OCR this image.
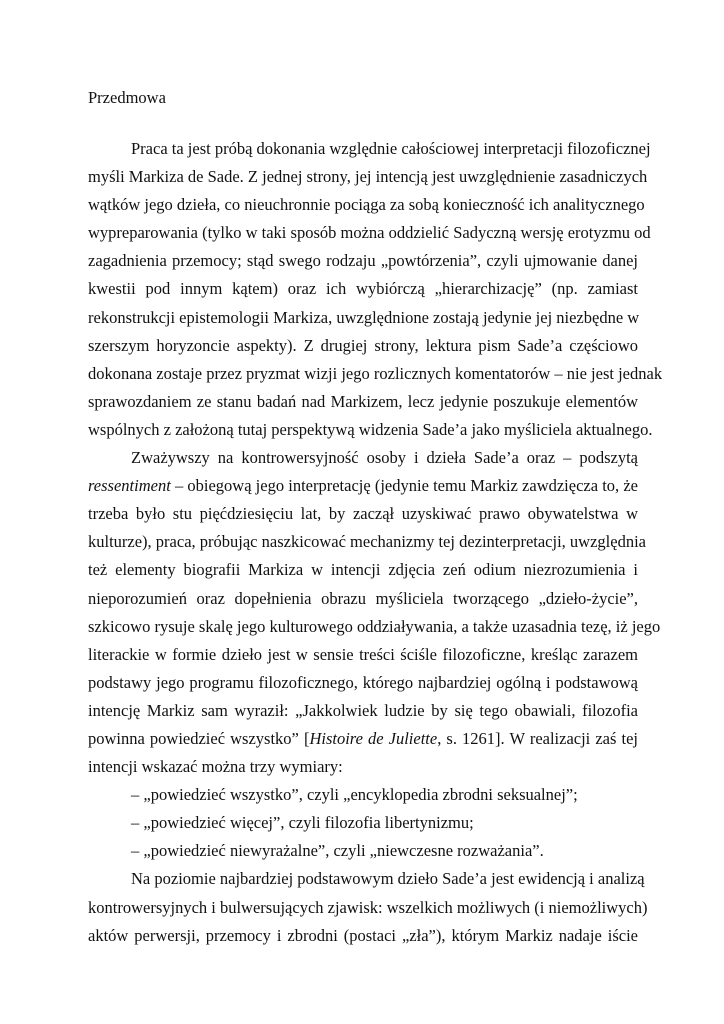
Przedmowa
Praca ta jest próbą dokonania względnie całościowej interpretacji filozoficznej
myśli Markiza de Sade. Z jednej strony, jej intencją jest uwzględnienie zasadniczych
wątków jego dzieła, co nieuchronnie pociąga za sobą konieczność ich analitycznego
wypreparowania (tylko w taki sposób można oddzielić Sadyczną wersję erotyzmu od
zagadnienia przemocy; stąd swego rodzaju „powtórzenia”, czyli ujmowanie danej
kwestii pod innym kątem) oraz ich wybiórczą „hierarchizację” (np. zamiast
rekonstrukcji epistemologii Markiza, uwzględnione zostają jedynie jej niezbędne w
szerszym horyzoncie aspekty). Z drugiej strony, lektura pism Sade’a częściowo
dokonana zostaje przez pryzmat wizji jego rozlicznych komentatorów – nie jest jednak
sprawozdaniem ze stanu badań nad Markizem, lecz jedynie poszukuje elementów
wspólnych z założoną tutaj perspektywą widzenia Sade’a jako myśliciela aktualnego.
Zważywszy na kontrowersyjność osoby i dzieła Sade’a oraz – podszytą
ressentiment – obiegową jego interpretację (jedynie temu Markiz zawdzięcza to, że
trzeba było stu pięćdziesięciu lat, by zaczął uzyskiwać prawo obywatelstwa w
kulturze), praca, próbując naszkicować mechanizmy tej dezinterpretacji, uwzględnia
też elementy biografii Markiza w intencji zdjęcia zeń odium niezrozumienia i
nieporozumień oraz dopełnienia obrazu myśliciela tworzącego „dzieło-życie”,
szkicowo rysuje skalę jego kulturowego oddziaływania, a także uzasadnia tezę, iż jego
literackie w formie dzieło jest w sensie treści ściśle filozoficzne, kreśląc zarazem
podstawy jego programu filozoficznego, którego najbardziej ogólną i podstawową
intencję Markiz sam wyraził: „Jakkolwiek ludzie by się tego obawiali, filozofia
powinna powiedzieć wszystko” [Histoire de Juliette, s. 1261]. W realizacji zaś tej
intencji wskazać można trzy wymiary:
– „powiedzieć wszystko”, czyli „encyklopedia zbrodni seksualnej”;
– „powiedzieć więcej”, czyli filozofia libertynizmu;
– „powiedzieć niewyrażalne”, czyli „niewczesne rozważania”.
Na poziomie najbardziej podstawowym dzieło Sade’a jest ewidencją i analizą
kontrowersyjnych i bulwersujących zjawisk: wszelkich możliwych (i niemożliwych)
aktów perwersji, przemocy i zbrodni (postaci „zła”), którym Markiz nadaje iście
